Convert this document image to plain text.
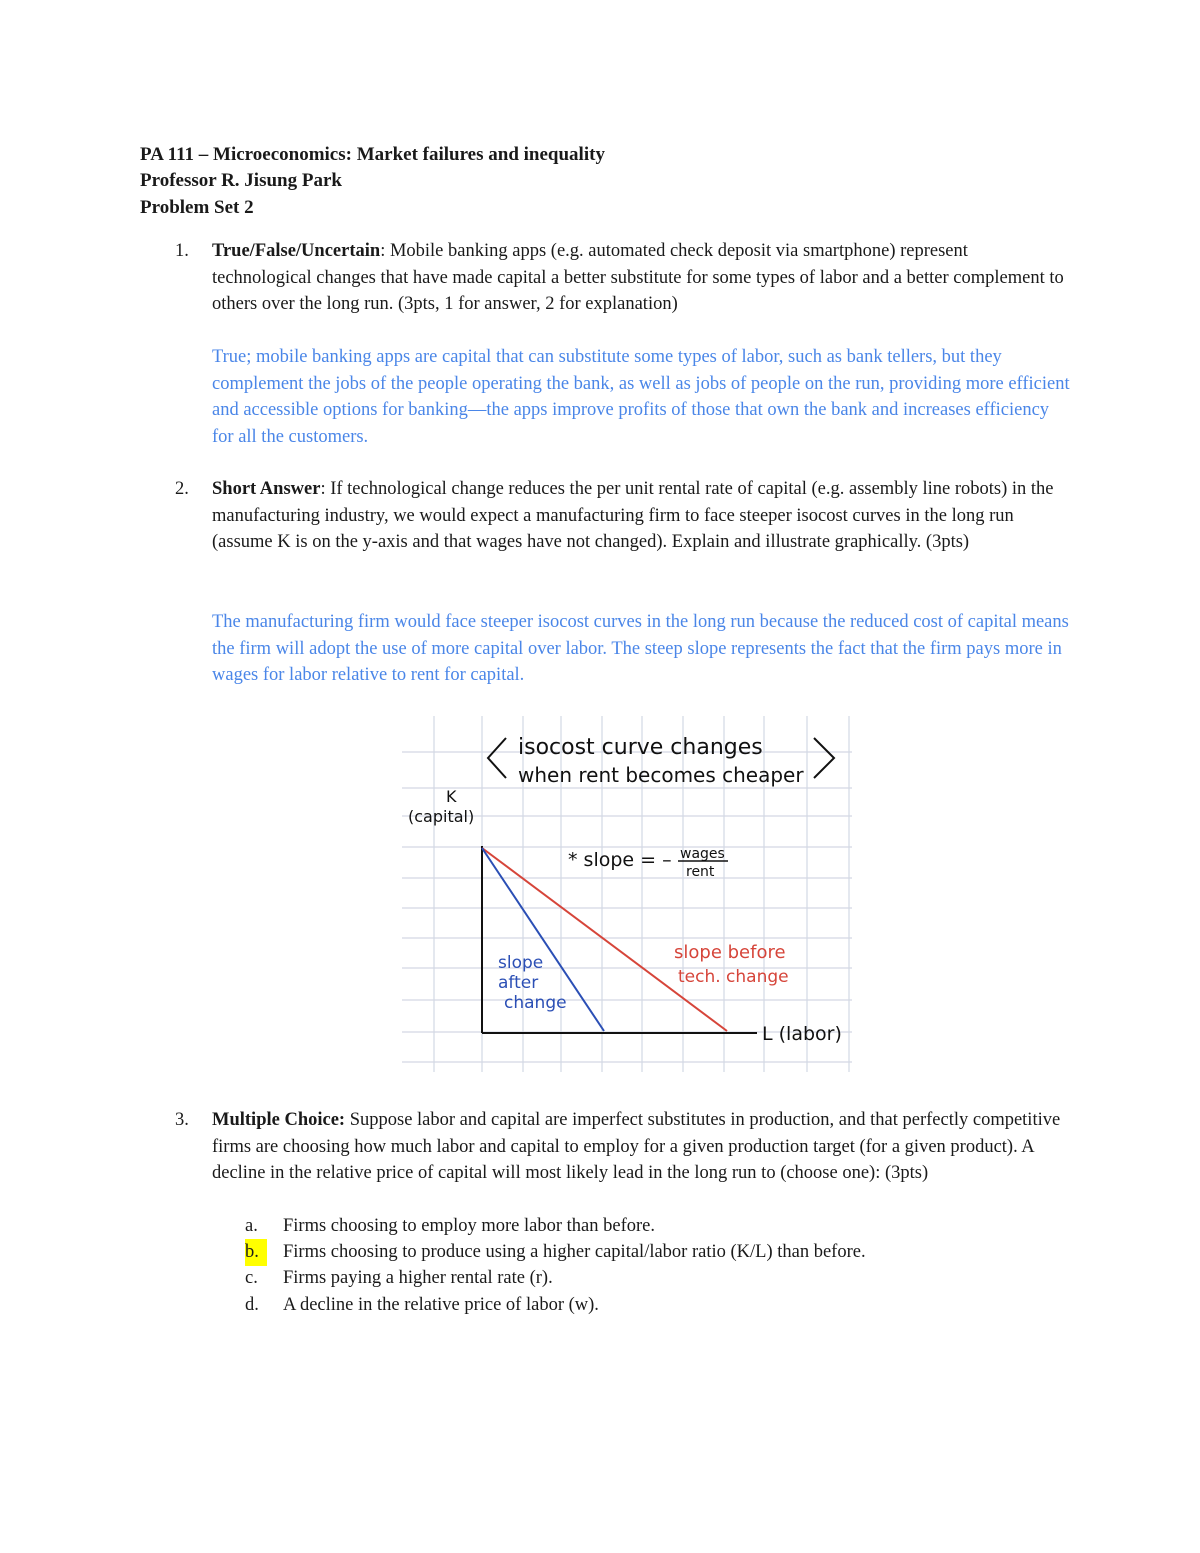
PA 111 – Microeconomics: Market failures and inequality
Professor R. Jisung Park
Problem Set 2
1. True/False/Uncertain: Mobile banking apps (e.g. automated check deposit via smartphone) represent technological changes that have made capital a better substitute for some types of labor and a better complement to others over the long run. (3pts, 1 for answer, 2 for explanation)
True; mobile banking apps are capital that can substitute some types of labor, such as bank tellers, but they complement the jobs of the people operating the bank, as well as jobs of people on the run, providing more efficient and accessible options for banking—the apps improve profits of those that own the bank and increases efficiency for all the customers.
2. Short Answer: If technological change reduces the per unit rental rate of capital (e.g. assembly line robots) in the manufacturing industry, we would expect a manufacturing firm to face steeper isocost curves in the long run (assume K is on the y-axis and that wages have not changed). Explain and illustrate graphically. (3pts)
The manufacturing firm would face steeper isocost curves in the long run because the reduced cost of capital means the firm will adopt the use of more capital over labor. The steep slope represents the fact that the firm pays more in wages for labor relative to rent for capital.
isocost curve changes
when rent becomes cheaper
K
(capital)
L (labor)
* slope = – wages
rent
slope before
tech. change
slope
after
change
3. Multiple Choice: Suppose labor and capital are imperfect substitutes in production, and that perfectly competitive firms are choosing how much labor and capital to employ for a given production target (for a given product). A decline in the relative price of capital will most likely lead in the long run to (choose one): (3pts)
a.	Firms choosing to employ more labor than before.
b.	Firms choosing to produce using a higher capital/labor ratio (K/L) than before.
c.	Firms paying a higher rental rate (r).
d.	A decline in the relative price of labor (w).
